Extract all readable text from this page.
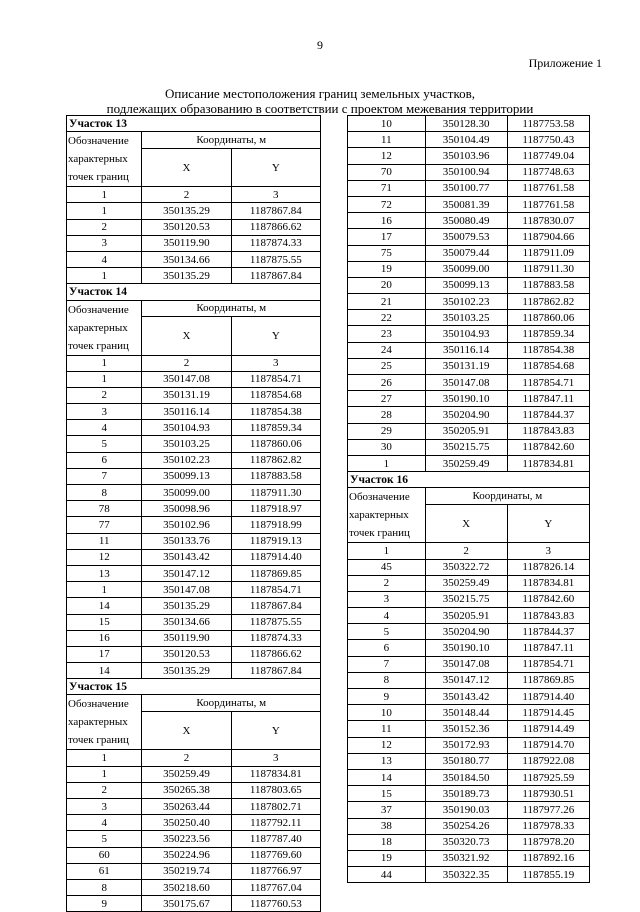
9
Приложение 1
Описание местоположения границ земельных участков,
подлежащих образованию в соответствии с проектом межевания территории
Участок 13		

Обозначение
характерных
точек границ	Координаты, м	
	X	Y
1	2	3
1	350135.29	1187867.84
2	350120.53	1187866.62
3	350119.90	1187874.33
4	350134.66	1187875.55
1	350135.29	1187867.84
Участок 14		

Обозначение
характерных
точек границ	Координаты, м	
	X	Y
1	2	3
1	350147.08	1187854.71
2	350131.19	1187854.68
3	350116.14	1187854.38
4	350104.93	1187859.34
5	350103.25	1187860.06
6	350102.23	1187862.82
7	350099.13	1187883.58
8	350099.00	1187911.30
78	350098.96	1187918.97
77	350102.96	1187918.99
11	350133.76	1187919.13
12	350143.42	1187914.40
13	350147.12	1187869.85
1	350147.08	1187854.71
14	350135.29	1187867.84
15	350134.66	1187875.55
16	350119.90	1187874.33
17	350120.53	1187866.62
14	350135.29	1187867.84
Участок 15		

Обозначение
характерных
точек границ	Координаты, м	
	X	Y
1	2	3
1	350259.49	1187834.81
2	350265.38	1187803.65
3	350263.44	1187802.71
4	350250.40	1187792.11
5	350223.56	1187787.40
60	350224.96	1187769.60
61	350219.74	1187766.97
8	350218.60	1187767.04
9	350175.67	1187760.53
10	350128.30	1187753.58
11	350104.49	1187750.43
12	350103.96	1187749.04
70	350100.94	1187748.63
71	350100.77	1187761.58
72	350081.39	1187761.58
16	350080.49	1187830.07
17	350079.53	1187904.66
75	350079.44	1187911.09
19	350099.00	1187911.30
20	350099.13	1187883.58
21	350102.23	1187862.82
22	350103.25	1187860.06
23	350104.93	1187859.34
24	350116.14	1187854.38
25	350131.19	1187854.68
26	350147.08	1187854.71
27	350190.10	1187847.11
28	350204.90	1187844.37
29	350205.91	1187843.83
30	350215.75	1187842.60
1	350259.49	1187834.81
Участок 16		

Обозначение
характерных
точек границ	Координаты, м	
	X	Y
1	2	3
45	350322.72	1187826.14
2	350259.49	1187834.81
3	350215.75	1187842.60
4	350205.91	1187843.83
5	350204.90	1187844.37
6	350190.10	1187847.11
7	350147.08	1187854.71
8	350147.12	1187869.85
9	350143.42	1187914.40
10	350148.44	1187914.45
11	350152.36	1187914.49
12	350172.93	1187914.70
13	350180.77	1187922.08
14	350184.50	1187925.59
15	350189.73	1187930.51
37	350190.03	1187977.26
38	350254.26	1187978.33
18	350320.73	1187978.20
19	350321.92	1187892.16
44	350322.35	1187855.19
